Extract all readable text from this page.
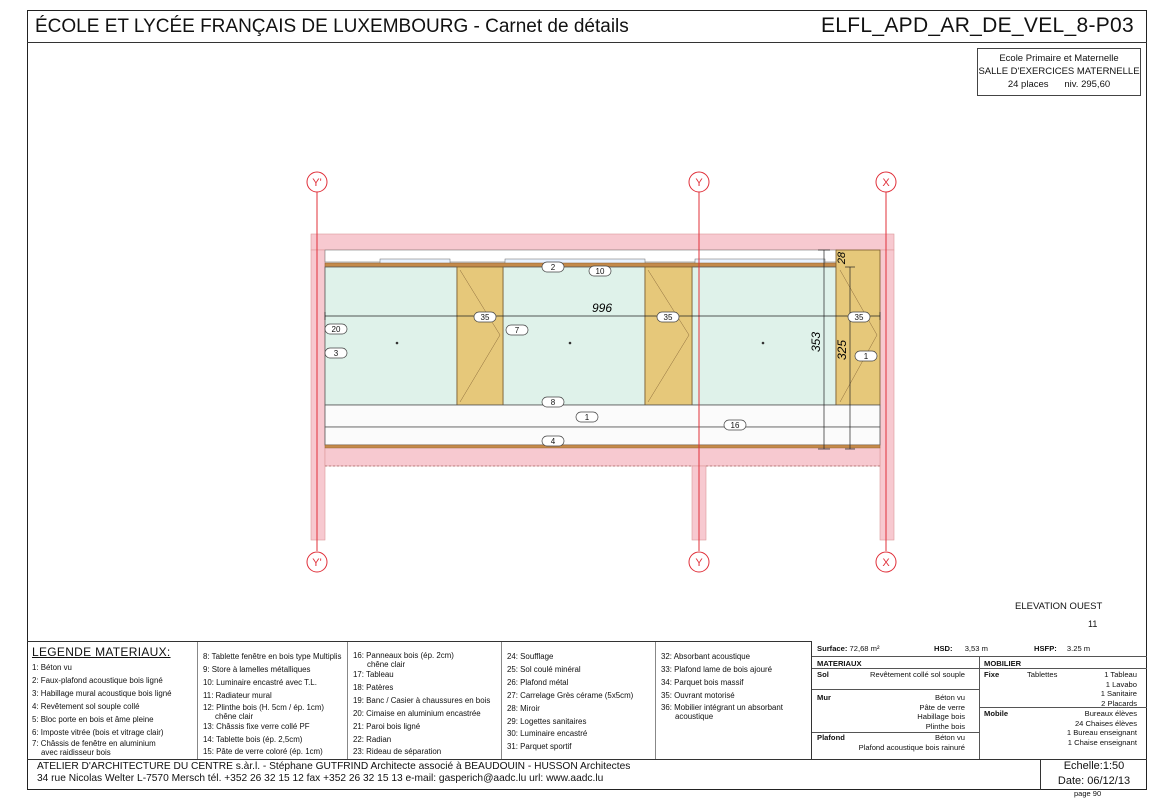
ÉCOLE ET LYCÉE FRANÇAIS DE LUXEMBOURG - Carnet de détails	ELFL_APD_AR_DE_VEL_8-P03
Ecole Primaire et Maternelle
SALLE D'EXERCICES MATERNELLE
24 places niv. 295,60
Y'	Y	X
Y'	Y	X
996
353 325
28
2	10
20
3
35
7
35	35
1
8
1
16
4
ELEVATION OUEST
11
LEGENDE MATERIAUX:
1: Béton vu
2: Faux-plafond acoustique bois ligné
3: Habillage mural acoustique bois ligné
4: Revêtement sol souple collé
5: Bloc porte en bois et âme pleine
6: Imposte vitrée (bois et vitrage clair)
7: Châssis de fenêtre en aluminium
avec raidisseur bois
8: Tablette fenêtre en bois type Multiplis
9: Store à lamelles métalliques
10: Luminaire encastré avec T.L.
11: Radiateur mural
12: Plinthe bois (H. 5cm / ép. 1cm)
chêne clair
13: Châssis fixe verre collé PF
14: Tablette bois (ép. 2,5cm)
15: Pâte de verre coloré (ép. 1cm)
16: Panneaux bois (ép. 2cm)
chêne clair
17: Tableau
18: Patères
19: Banc / Casier à chaussures en bois
20: Cimaise en aluminium encastrée
21: Paroi bois ligné
22: Radian
23: Rideau de séparation
24: Soufflage
25: Sol coulé minéral
26: Plafond métal
27: Carrelage Grès cérame (5x5cm)
28: Miroir
29: Logettes sanitaires
30: Luminaire encastré
31: Parquet sportif
32: Absorbant acoustique
33: Plafond lame de bois ajouré
34: Parquet bois massif
35: Ouvrant motorisé
36: Mobilier intégrant un absorbant
acoustique
Surface: 72,68 m²	HSD: 3,53 m	HSFP: 3.25 m
MATERIAUX	MOBILIER
Sol	Revêtement collé sol souple
Mur	Béton vu
Pâte de verre
Habillage bois
Plinthe bois
Plafond	Béton vu
Plafond acoustique bois rainuré
Fixe	Tablettes	1 Tableau
1 Lavabo
1 Sanitaire
2 Placards
Mobile	Bureaux élèves
24 Chaises élèves
1 Bureau enseignant
1 Chaise enseignant
ATELIER D'ARCHITECTURE DU CENTRE s.àr.l. - Stéphane GUTFRIND Architecte associé à BEAUDOUIN - HUSSON Architectes
34 rue Nicolas Welter L-7570 Mersch tél. +352 26 32 15 12 fax +352 26 32 15 13 e-mail: gasperich@aadc.lu url: www.aadc.lu
Echelle:1:50
Date: 06/12/13
page 90
